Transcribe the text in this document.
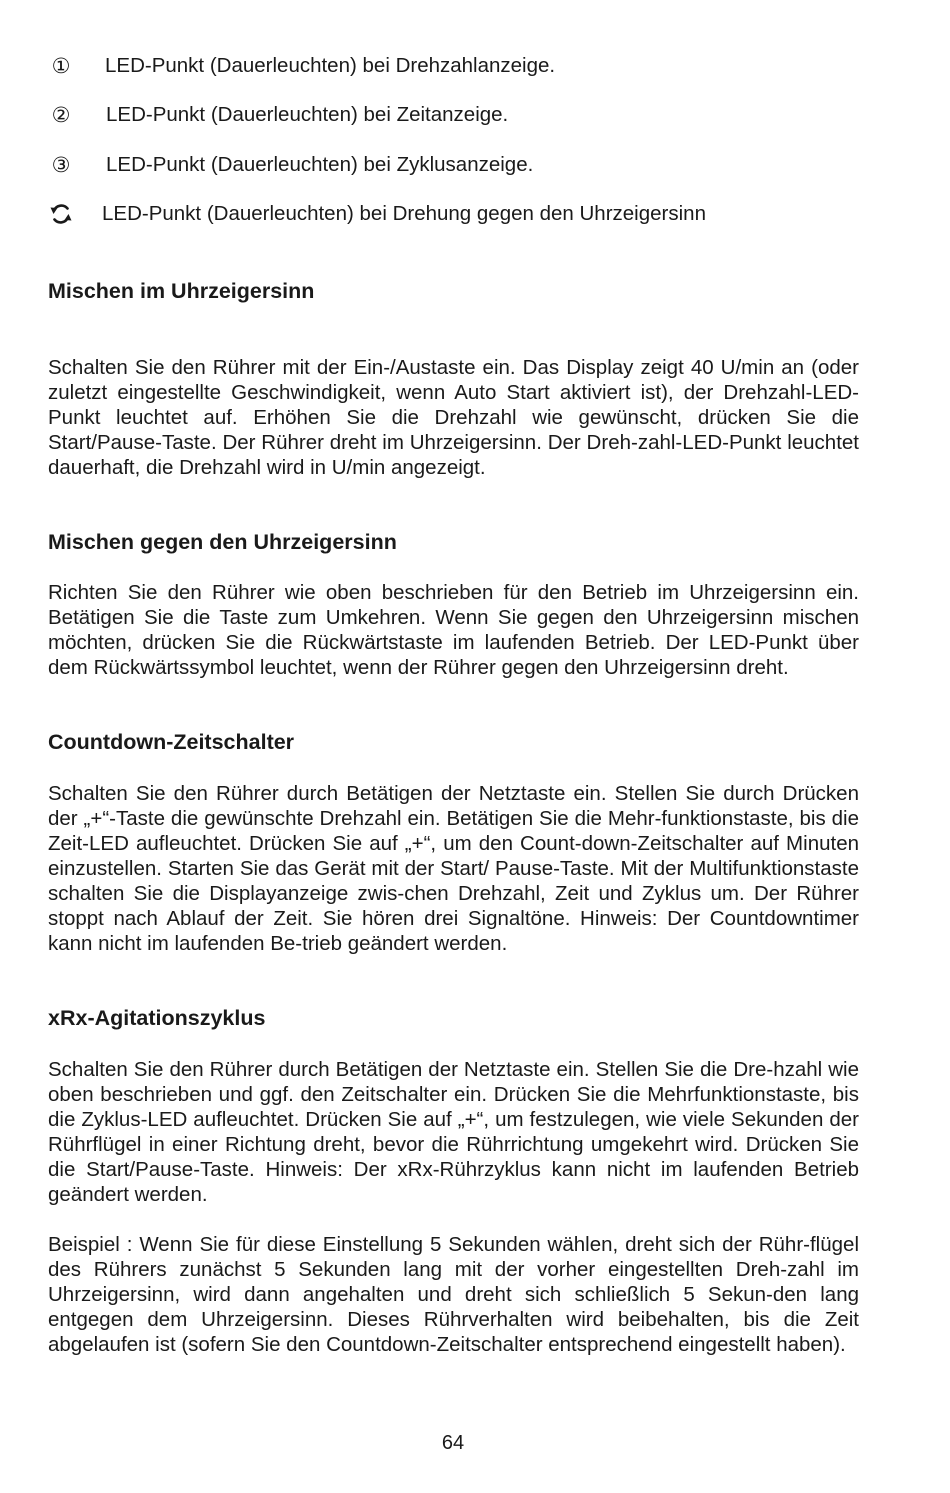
① LED-Punkt (Dauerleuchten) bei Drehzahlanzeige.
② LED-Punkt (Dauerleuchten) bei Zeitanzeige.
③ LED-Punkt (Dauerleuchten) bei Zyklusanzeige.
LED-Punkt (Dauerleuchten) bei Drehung gegen den Uhrzeigersinn
Mischen im Uhrzeigersinn

Schalten Sie den Rührer mit der Ein-/Austaste ein. Das Display zeigt 40 U/min an (oder zuletzt eingestellte Geschwindigkeit, wenn Auto Start aktiviert ist), der Drehzahl-LED-Punkt leuchtet auf. Erhöhen Sie die Drehzahl wie gewünscht, drücken Sie die Start/Pause-Taste. Der Rührer dreht im Uhrzeigersinn. Der Dreh-zahl-LED-Punkt leuchtet dauerhaft, die Drehzahl wird in U/min angezeigt.

Mischen gegen den Uhrzeigersinn

Richten Sie den Rührer wie oben beschrieben für den Betrieb im Uhrzeigersinn ein. Betätigen Sie die Taste zum Umkehren. Wenn Sie gegen den Uhrzeigersinn mischen möchten, drücken Sie die Rückwärtstaste im laufenden Betrieb. Der LED-Punkt über dem Rückwärtssymbol leuchtet, wenn der Rührer gegen den Uhrzeigersinn dreht.

Countdown-Zeitschalter

Schalten Sie den Rührer durch Betätigen der Netztaste ein. Stellen Sie durch Drücken der „+“-Taste die gewünschte Drehzahl ein. Betätigen Sie die Mehr-funktionstaste, bis die Zeit-LED aufleuchtet. Drücken Sie auf „+“, um den Count-down-Zeitschalter auf Minuten einzustellen. Starten Sie das Gerät mit der Start/ Pause-Taste. Mit der Multifunktionstaste schalten Sie die Displayanzeige zwis-chen Drehzahl, Zeit und Zyklus um. Der Rührer stoppt nach Ablauf der Zeit. Sie hören drei Signaltöne. Hinweis: Der Countdowntimer kann nicht im laufenden Be-trieb geändert werden.

xRx-Agitationszyklus

Schalten Sie den Rührer durch Betätigen der Netztaste ein. Stellen Sie die Dre-hzahl wie oben beschrieben und ggf. den Zeitschalter ein. Drücken Sie die Mehrfunktionstaste, bis die Zyklus-LED aufleuchtet. Drücken Sie auf „+“, um festzulegen, wie viele Sekunden der Rührflügel in einer Richtung dreht, bevor die Rührrichtung umgekehrt wird. Drücken Sie die Start/Pause-Taste. Hinweis: Der xRx-Rührzyklus kann nicht im laufenden Betrieb geändert werden.

Beispiel : Wenn Sie für diese Einstellung 5 Sekunden wählen, dreht sich der Rühr-flügel des Rührers zunächst 5 Sekunden lang mit der vorher eingestellten Dreh-zahl im Uhrzeigersinn, wird dann angehalten und dreht sich schließlich 5 Sekun-den lang entgegen dem Uhrzeigersinn. Dieses Rührverhalten wird beibehalten, bis die Zeit abgelaufen ist (sofern Sie den Countdown-Zeitschalter entsprechend eingestellt haben).

64
